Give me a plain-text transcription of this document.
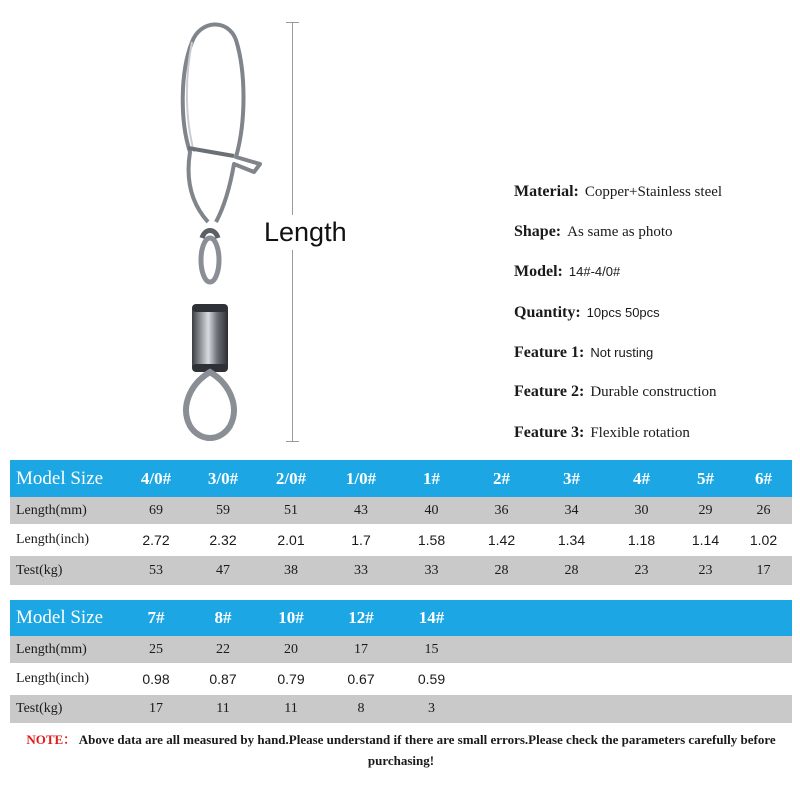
Length
Material: Copper+Stainless steel
Shape: As same as photo
Model: 14#-4/0#
Quantity: 10pcs 50pcs
Feature 1: Not rusting
Feature 2: Durable construction
Feature 3: Flexible rotation
Model Size	4/0#	3/0#	2/0#	1/0#	1#	2#	3#	4#	5#	6#
Length(mm)	69	59	51	43	40	36	34	30	29	26
Length(inch)	2.72	2.32	2.01	1.7	1.58	1.42	1.34	1.18	1.14	1.02
Test(kg)	53	47	38	33	33	28	28	23	23	17
Model Size	7#	8#	10#	12#	14#
Length(mm)	25	22	20	17	15
Length(inch)	0.98	0.87	0.79	0.67	0.59
Test(kg)	17	11	11	8	3
NOTE： Above data are all measured by hand.Please understand if there are small errors.Please check the parameters carefully before purchasing!
